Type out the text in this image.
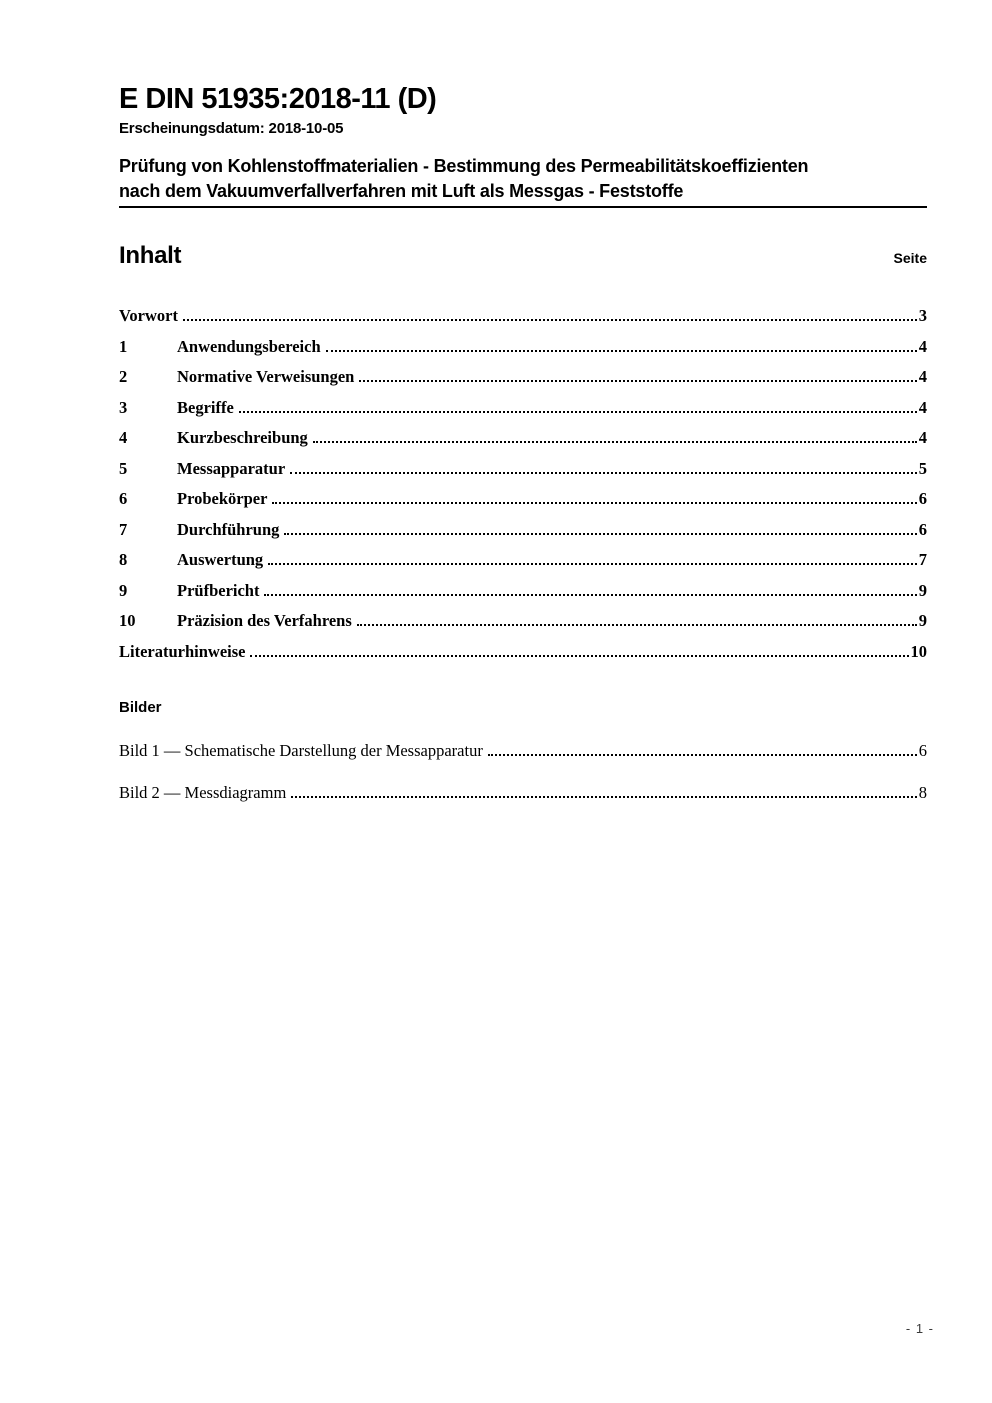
E DIN 51935:2018-11 (D)
Erscheinungsdatum: 2018-10-05
Prüfung von Kohlenstoffmaterialien - Bestimmung des Permeabilitätskoeffizienten
nach dem Vakuumverfallverfahren mit Luft als Messgas - Feststoffe
Inhalt	Seite
Vorwort	3
1	Anwendungsbereich	4
2	Normative Verweisungen	4
3	Begriffe	4
4	Kurzbeschreibung	4
5	Messapparatur	5
6	Probekörper	6
7	Durchführung	6
8	Auswertung	7
9	Prüfbericht	9
10	Präzision des Verfahrens	9
Literaturhinweise	10
Bilder
Bild 1 — Schematische Darstellung der Messapparatur	6
Bild 2 — Messdiagramm	8
- 1 -
